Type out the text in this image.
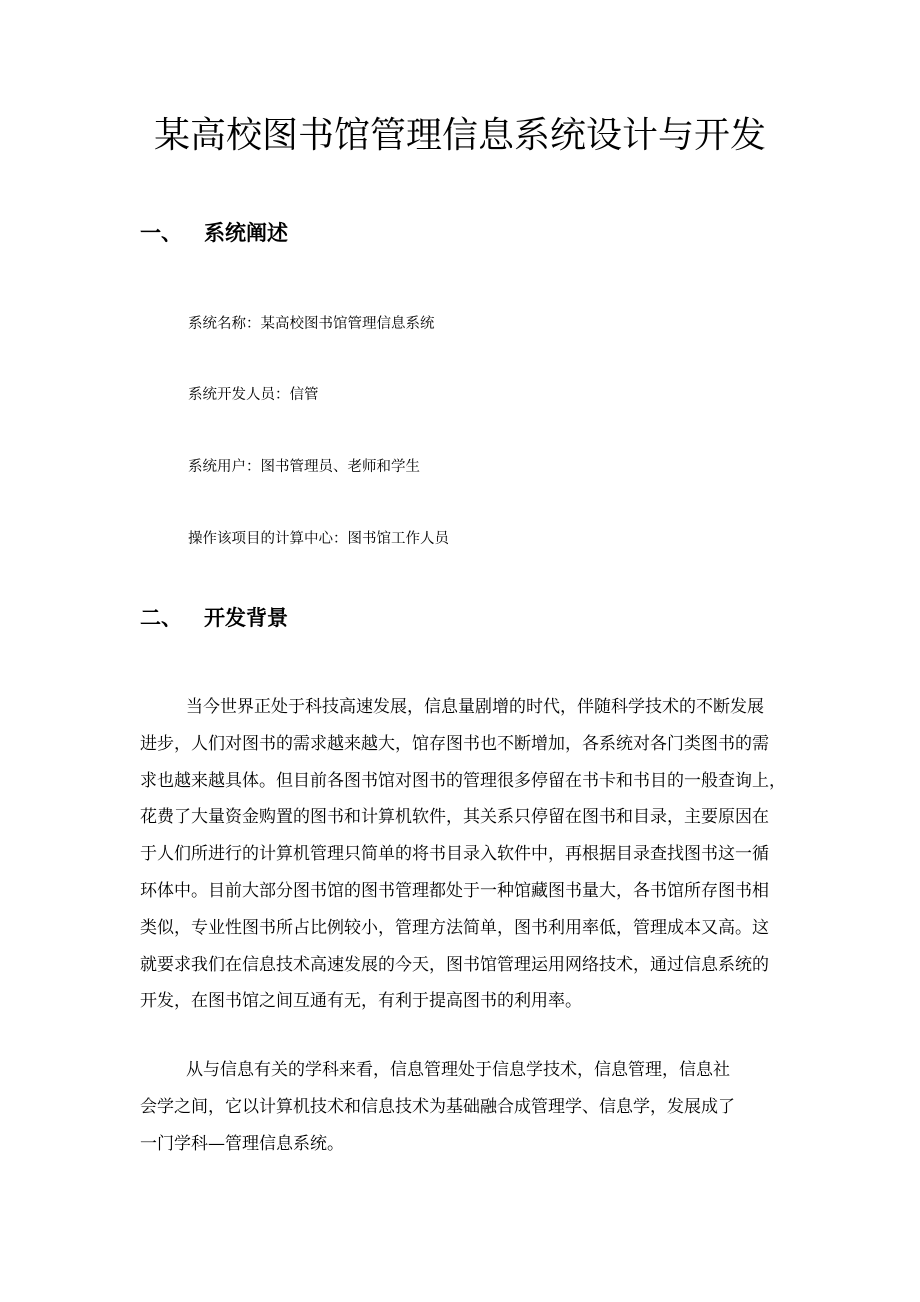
某高校图书馆管理信息系统设计与开发
一、 系统阐述

系统名称：某高校图书馆管理信息系统

系统开发人员：信管

系统用户：图书管理员、老师和学生

操作该项目的计算中心：图书馆工作人员

二、 开发背景
当今世界正处于科技高速发展，信息量剧增的时代，伴随科学技术的不断发展
进步，人们对图书的需求越来越大，馆存图书也不断增加，各系统对各门类图书的需
求也越来越具体。但目前各图书馆对图书的管理很多停留在书卡和书目的一般查询上，
花费了大量资金购置的图书和计算机软件，其关系只停留在图书和目录，主要原因在
于人们所进行的计算机管理只简单的将书目录入软件中，再根据目录查找图书这一循
环体中。目前大部分图书馆的图书管理都处于一种馆藏图书量大，各书馆所存图书相
类似，专业性图书所占比例较小，管理方法简单，图书利用率低，管理成本又高。这
就要求我们在信息技术高速发展的今天，图书馆管理运用网络技术，通过信息系统的
开发，在图书馆之间互通有无，有利于提高图书的利用率。
从与信息有关的学科来看，信息管理处于信息学技术，信息管理，信息社
会学之间，它以计算机技术和信息技术为基础融合成管理学、信息学，发展成了
一门学科—管理信息系统。
